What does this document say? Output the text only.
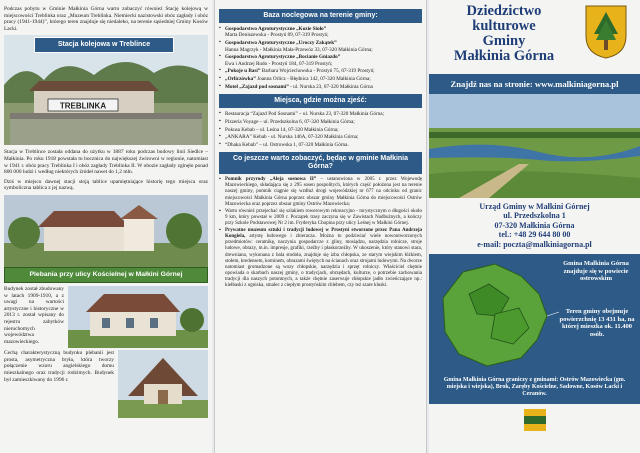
Podczas pobytu w Gminie Małkinia Górna warto zobaczyć również Stację kolejową w miejscowości Treblinka oraz „Muzeum Treblinka. Niemiecki nazistowski obóz zagłady i obóz pracy (1941-1944)”, którego teren znajduje się niedaleko, na terenie sąsiedniej Gminy Kosów Lacki.

TREBLINKA
Stacja kolejowa w Treblince

Stacja w Treblince została oddana do użytku w 1887 roku podczas budowy linii Siedlce – Małkinia. Po roku 1918 powstała tu bocznica do największej żwirowni w regionie, natomiast w 1941 r. obóz pracy Treblinka I i obóz zagłady Treblinka II. W obozie zagłady zginęło ponad 800 000 ludzi i według niektórych źródeł nawet do 1,2 mln.

Dziś w miejscu dawnej stacji stoją tablice upamiętniające historię tego miejsca oraz symboliczna tablica z jej nazwą.

Plebania przy ulicy Kościelnej w Małkini Górnej

Budynek został zbudowany w latach 1909-1910, a z uwagi na wartości artystyczne i historyczne w 2013 r. został wpisany do rejestru zabytków nieruchomych województwa mazowieckiego.

Cechą charakterystyczną budynku plebanii jest prosta, asymetryczna bryła, która tworzy połączenie wzoru angielskiego domu mieszkalnego oraz tradycji rodzimych. Budynek był zamieszkiwany do 1996 r.

Baza noclegowa na terenie gminy:
▪ Gospodarstwo Agroturystyczne „Kozie Sioło”
Marta Deniszewska - Prostyń 89, 07-319 Prostyń;
▪ Gospodarstwo Agroturystyczne „Uroczy Zakątek”
Hanna Magrzyk - Małkinia Mała-Przewóz 33, 07-320 Małkinia Górna;
▪ Gospodarstwo Agroturystyczne „Bocianie Gniazdo”
Ewa i Andrzej Rudo - Prostyń 184, 07-319 Prostyń;
▪ „Pokoje u Basi” Barbara Wojciechowska - Prostyń 75, 07-319 Prostyń;
▪ „Orliczówka” Joanna Orlicz - Błędnica 142, 07-320 Małkinia Górna;
▪ Motel „Zajazd pod sosnami” - ul. Nurska 23, 07-320 Małkinia Górna
Miejsca, gdzie można zjeść:
▪ Restauracja “Zajazd Pod Sosnami” – ul. Nurska 23, 07-320 Małkinia Górna;
▪ Pizzeria Voyage – ul. Przedszkolna 6, 07-320 Małkinia Górna;
▪ Pokusa Kebab – ul. Leśna 14, 07-320 Małkinia Górna;
▪ „ANKARA” Kebab - ul. Nurska 146A, 07-320 Małkinia Górna;
▪ “Dhaka Kebab” – ul. Ostrowska 1, 07-320 Małkinia Górna.
Co jeszcze warto zobaczyć, będąc w gminie Małkinia Górna?
▪ Pomnik przyrody „Aleja sosnowa II” – ustanowiona w 2005 r. przez Wojewodę Mazowieckiego, składająca się z 295 sosen pospolitych, których część położona jest na terenie naszej gminy, pomnik ciągnie się wzdłuż drogi wojewódzkiej nr 677 na odcinku od granic miejscowości Małkinia Górna poprzez obszar gminy Małkinia Górna do miejscowości Ostrów Mazowiecka oraz poprzez obszar gminy Ostrów Mazowiecka;
▪ Warto również przejechać się szlakiem rowerowym rekreacyjno - turystycznym o długości około 9 km, który powstał w 2009 r. Początek trasy zaczyna się w Zawistach Nadbużnych, a kończy przy Szkole Podstawowej Nr 2 im. Fryderyka Chopina przy ulicy Leśnej w Małkini Górnej.
▪ Prywatne muzeum sztuki i tradycji ludowej w Prostyni stworzone przez Pana Andrzeja Kongiela, artystę ludowego i zbieracza. Można tu podziwiać wiele nowoutworzonych przedmiotów: ceramikę, naczynia gospodarcze z gliny, mosiądzu, narzędzia rolnicze, stroje ludowe, obrazy, m.in. impresje, grafiki, rzeźby i płaskorzeźby. W ukoszenie, który stanowi stara, drewniana, wykonana z bala stodoła, znajduje się izba chłopska, ze starym wiejskim łóżkiem, stołem, kredensem, kominem, obrazami świętych na ścianach oraz strojami ludowymi. Na dworze natomiast gromadzone są wozy chłopskie, narzędzia i sprzęt rolniczy. Właściciel chętnie opowiada o skarbach naszej gminy, o tradycjach, obrzędach, kulturze, o potrzebie zachowania tradycji dla naszych potomnych, a także chętnie zaserwuje chłopskie jadło zwieńczające np.: kiełbaski z ogniska, smalec z ciepłym prostyńskim chlebem, czy też szare kluski.
Dziedzictwo
kulturowe
Gminy
Małkinia Górna
Znajdź nas na stronie: www.malkiniagorna.pl
Urząd Gminy w Małkini Górnej
ul. Przedszkolna 1
07-320 Małkinia Górna
tel.: +48 29 644 80 00
e-mail: poczta@malkiniagorna.pl
Gmina Małkinia Górna znajduje się w powiecie ostrowskim
Teren gminy obejmuje powierzchnię 13 431 ha, na której mieszka ok. 11.400 osób.
Gmina Małkinia Górna graniczy z gminami: Ostrów Mazowiecka (gm. miejska i wiejska), Brok, Zaręby Kościelne, Sadowne, Kosów Lacki i Ceranów.
